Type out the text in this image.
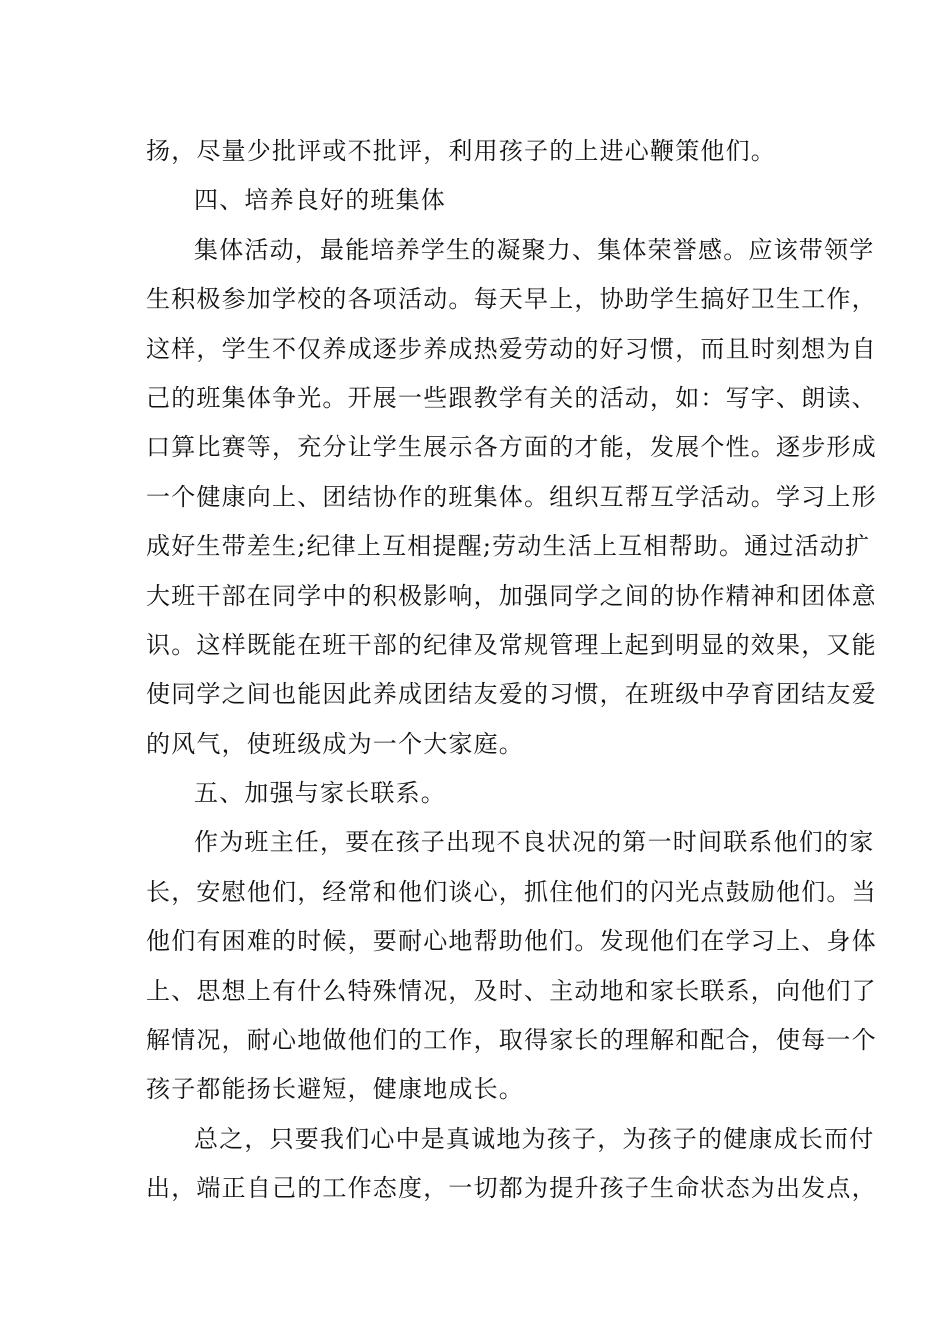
扬，尽量少批评或不批评，利用孩子的上进心鞭策他们。
四、培养良好的班集体
集体活动，最能培养学生的凝聚力、集体荣誉感。应该带领学
生积极参加学校的各项活动。每天早上，协助学生搞好卫生工作，
这样，学生不仅养成逐步养成热爱劳动的好习惯，而且时刻想为自
己的班集体争光。开展一些跟教学有关的活动，如：写字、朗读、
口算比赛等，充分让学生展示各方面的才能，发展个性。逐步形成
一个健康向上、团结协作的班集体。组织互帮互学活动。学习上形
成好生带差生;纪律上互相提醒;劳动生活上互相帮助。通过活动扩
大班干部在同学中的积极影响，加强同学之间的协作精神和团体意
识。这样既能在班干部的纪律及常规管理上起到明显的效果，又能
使同学之间也能因此养成团结友爱的习惯，在班级中孕育团结友爱
的风气，使班级成为一个大家庭。
五、加强与家长联系。
作为班主任，要在孩子出现不良状况的第一时间联系他们的家
长，安慰他们，经常和他们谈心，抓住他们的闪光点鼓励他们。当
他们有困难的时候，要耐心地帮助他们。发现他们在学习上、身体
上、思想上有什么特殊情况，及时、主动地和家长联系，向他们了
解情况，耐心地做他们的工作，取得家长的理解和配合，使每一个
孩子都能扬长避短，健康地成长。
总之，只要我们心中是真诚地为孩子，为孩子的健康成长而付
出，端正自己的工作态度，一切都为提升孩子生命状态为出发点，
